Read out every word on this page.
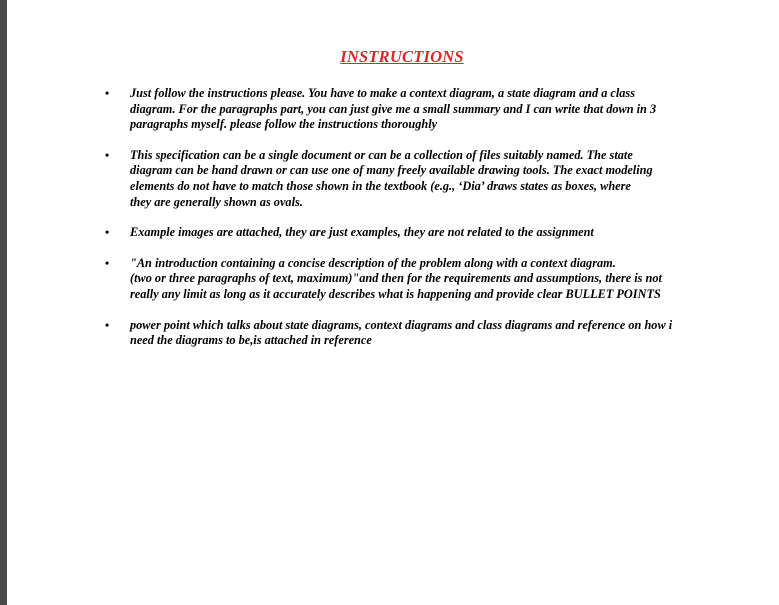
INSTRUCTIONS
• Just follow the instructions please. You have to make a context diagram, a state diagram and a class
diagram. For the paragraphs part, you can just give me a small summary and I can write that down in 3
paragraphs myself. please follow the instructions thoroughly
• This specification can be a single document or can be a collection of files suitably named. The state
diagram can be hand drawn or can use one of many freely available drawing tools. The exact modeling
elements do not have to match those shown in the textbook (e.g., ‘Dia’ draws states as boxes, where
they are generally shown as ovals.
• Example images are attached, they are just examples, they are not related to the assignment
• "An introduction containing a concise description of the problem along with a context diagram.
(two or three paragraphs of text, maximum)"and then for the requirements and assumptions, there is not
really any limit as long as it accurately describes what is happening and provide clear BULLET POINTS
• power point which talks about state diagrams, context diagrams and class diagrams and reference on how i
need the diagrams to be,is attached in reference
